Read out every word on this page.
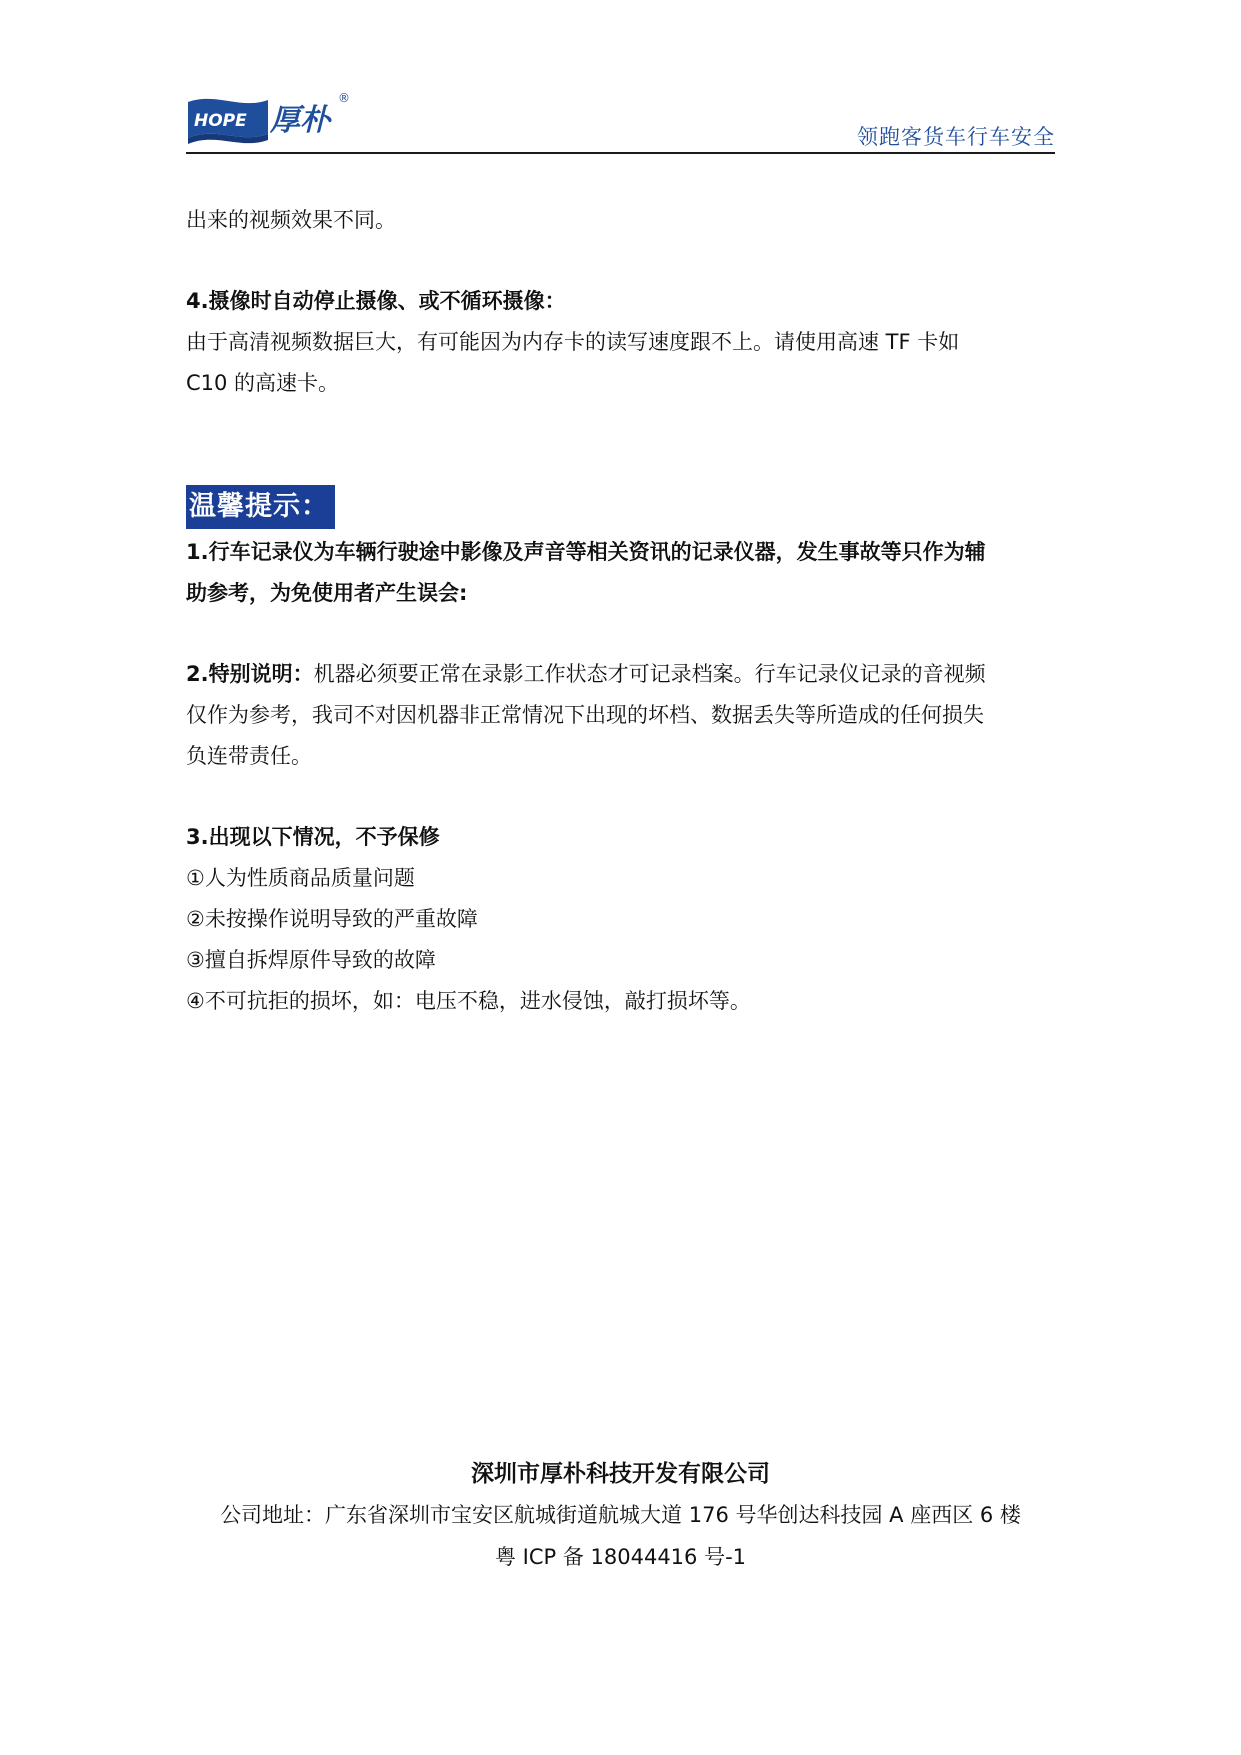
HOPE 厚朴
®
领跑客货车行车安全

出来的视频效果不同。

4.摄像时自动停止摄像、或不循环摄像：

由于高清视频数据巨大，有可能因为内存卡的读写速度跟不上。请使用高速 TF 卡如

C10 的高速卡。

温馨提示：

1.行车记录仪为车辆行驶途中影像及声音等相关资讯的记录仪器，发生事故等只作为辅

助参考，为免使用者产生误会:

2.特别说明：机器必须要正常在录影工作状态才可记录档案。行车记录仪记录的音视频

仅作为参考，我司不对因机器非正常情况下出现的坏档、数据丢失等所造成的任何损失

负连带责任。

3.出现以下情况，不予保修

①人为性质商品质量问题

②未按操作说明导致的严重故障

③擅自拆焊原件导致的故障

④不可抗拒的损坏，如：电压不稳，进水侵蚀，敲打损坏等。

深圳市厚朴科技开发有限公司
公司地址：广东省深圳市宝安区航城街道航城大道 176 号华创达科技园 A 座西区 6 楼
粤 ICP 备 18044416 号-1
